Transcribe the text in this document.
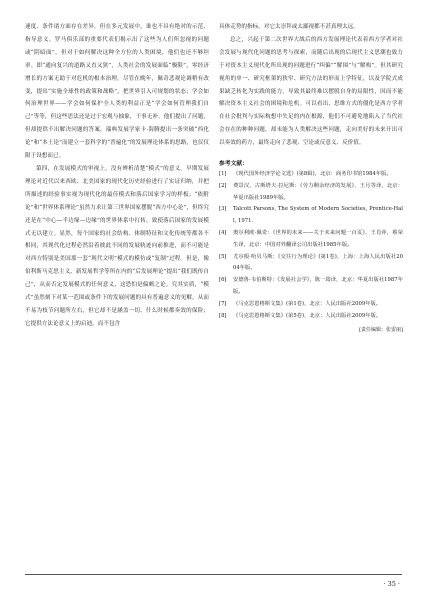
速度、条件诸方面存在差异，但在多元发展中，谁也不具有绝对的示范、指导意义。罗马俱乐部的重要代表们揭示出了这些为人们所忽视的问题或“阴暗面”，但对于如何解决这种全方位的人类困境，他们也还不够坦率。即“通向复兴的道路又直又狭”，人类社会的发展面临“极限”，零经济增长的方案无助于对危机的根本治理。尽管在晚年，佩奇悲观论调稍有改变，提出“实施全球性的政策和战略”，把世界引入可规划的状态；学会如何治理世界——学会如何保护全人类的利益正是“学会如何管理我们自己”等等，但这些思法还是过于宏观与抽象，于事无补。他们提出了问题，但却提供不出解决问题的答案。瑞典发展学家卡·海腾提出一条突破“西化论”和“本土论”而建立一套科学的“普遍化”的发展理论体系的思路，也仅仅限于设想而已。

第四，在发展模式的审视上，没有辨析清楚“模式”的意义。早期发展理论对近代以来西欧、北美国家的现代化历史经验进行了实证归纳，并把所描述的经验事实视为现代化的最佳模式和落后国家学习的样板；“依附论”和“世界体系理论”虽然力求让第三世界国家摆脱“西方中心论”，但终究还是在“中心—半边缘—边缘”的世界体系中打转，致使落后国家的发展模式无以建立。显然，每个国家的社会结构、体制特征和文化传统等都各不相同，其现代化过程必然沿着彼此不同的发展轨迹向前推进，而不可能是对西方特别是美国那一套“现代文明”模式的模仿或“复制”过程。但是，像伯利斯马克思主义、新发展哲学等所在内的“后发展理论”提出“我们既传自己”，从而否定发展模式的任何意义，这恐怕是偏颇之论。究其实质，“模式”虽然刻下对某一范围或条件下的发展问题的具有普遍意义的见解，从而不易为枝节问题所左右，但它却不是涵盖一切、什么时候都奏效的保险；它提供方法论意义上的启迪，而不包含

具体走势的指标，对它太崇拜或太鄙视都不甚真理太远。

总之，兴起于第二次世界大战后的西方发展理论代表着西方学者对社会发展与现代化问题的思考与探索，而随后出现的后现代主义思潮也致力于对资本主义现代化所出现的问题进行“纠偏”“解围”与“解构”。但其研究视角的单一、研究框架的狭窄、研究方法的形而上学特征，以及学院式成果缺乏转化为实践的能力，导致其最终难以摆脱自身的局限性，因而不能解决资本主义社会的困境和危机。可以看出，思维方式的僵化是西方学者在社会批判与实际构想中失足的内在根源，他们不可避免地陷入了当代社会存在的种种问题，却未能为人类解决这些问题，走向美好的未来开出可以奏效的药方，最终走向了悲观、空论或反意义、反价值。

参考文献：
[1]	《现代国外经济学论文选》(第8辑)，北京：商务印书馆1984年版。
[2]	费景汉，古斯塔夫·拉尼斯：《劳力剩余经济的发展》，王月等译，北京：华夏出版社1989年版。
[3]	Talcott Parsons, The System of Modern Societies, Prentice-Hall, 1971.
[4]	奥尔利欧·佩奇：《世界的未来——关于未来问题一百页》，王肖萍，蔡荣生译，北京：中国对外翻译公司出版社1985年版。
[5]	尤尔根·哈贝马斯：《交往行为理论》(第1卷)，上海：上海人民出版社2004年版。
[6]	安德鲁·韦伯斯特：《发展社会学》，陈一筠译，北京：华夏出版社1987年版。
[7]	《马克思恩格斯文集》(第1卷)，北京：人民出版社2009年版。
[8]	《马克思恩格斯文集》(第5卷)，北京：人民出版社2009年版。
[责任编辑：张雷丽]
· 35 ·
